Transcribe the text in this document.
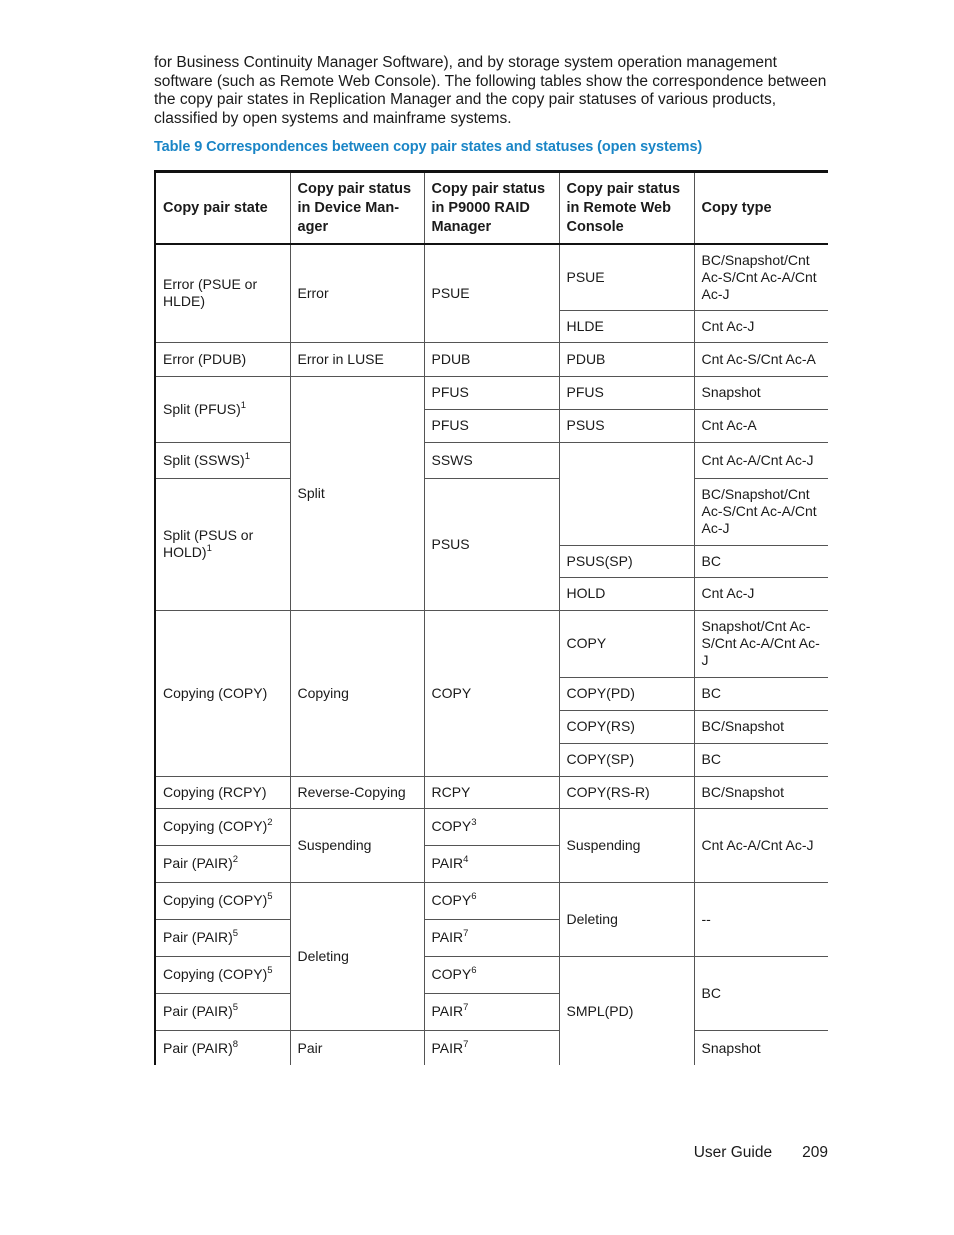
for Business Continuity Manager Software), and by storage system operation management software (such as Remote Web Console). The following tables show the correspondence between the copy pair states in Replication Manager and the copy pair statuses of various products, classified by open systems and mainframe systems.

Table 9 Correspondences between copy pair states and statuses (open systems)

Copy pair state	Copy pair status in Device Man-ager	Copy pair status in P9000 RAID Manager	Copy pair status in Remote Web Console	Copy type
Error (PSUE or HLDE)	Error	PSUE	PSUE	BC/Snapshot/Cnt Ac-S/Cnt Ac-A/Cnt Ac-J
			HLDE	Cnt Ac-J
Error (PDUB)	Error in LUSE	PDUB	PDUB	Cnt Ac-S/Cnt Ac-A
Split (PFUS)$^1$	Split	PFUS	PFUS	Snapshot
		PFUS	PSUS	Cnt Ac-A
Split (SSWS)$^1$		SSWS		Cnt Ac-A/Cnt Ac-J
Split (PSUS or HOLD)$^1$		PSUS		BC/Snapshot/Cnt Ac-S/Cnt Ac-A/Cnt Ac-J
			PSUS(SP)	BC
			HOLD	Cnt Ac-J
Copying (COPY)	Copying	COPY	COPY	Snapshot/Cnt Ac-S/Cnt Ac-A/Cnt Ac-J
			COPY(PD)	BC
			COPY(RS)	BC/Snapshot
			COPY(SP)	BC
Copying (RCPY)	Reverse-Copying	RCPY	COPY(RS-R)	BC/Snapshot
Copying (COPY)$^2$	Suspending	COPY$^3$	Suspending	Cnt Ac-A/Cnt Ac-J
Pair (PAIR)$^2$		PAIR$^4$
Copying (COPY)$^5$	Deleting	COPY$^6$	Deleting	--
Pair (PAIR)$^5$		PAIR$^7$
Copying (COPY)$^5$		COPY$^6$	SMPL(PD)	BC
Pair (PAIR)$^5$		PAIR$^7$
Pair (PAIR)$^8$	Pair	PAIR$^7$		Snapshot
User Guide 209
